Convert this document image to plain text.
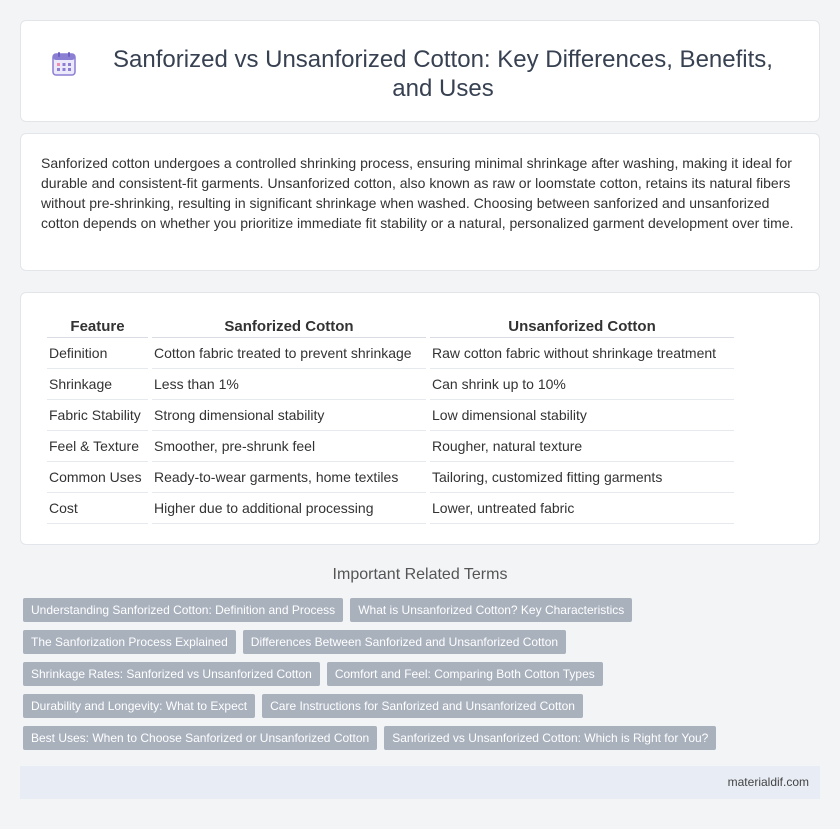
Sanforized vs Unsanforized Cotton: Key Differences, Benefits, and Uses

Sanforized cotton undergoes a controlled shrinking process, ensuring minimal shrinkage after washing, making it ideal for durable and consistent-fit garments. Unsanforized cotton, also known as raw or loomstate cotton, retains its natural fibers without pre-shrinking, resulting in significant shrinkage when washed. Choosing between sanforized and unsanforized cotton depends on whether you prioritize immediate fit stability or a natural, personalized garment development over time.

Feature	Sanforized Cotton	Unsanforized Cotton
Definition	Cotton fabric treated to prevent shrinkage	Raw cotton fabric without shrinkage treatment
Shrinkage	Less than 1%	Can shrink up to 10%
Fabric Stability	Strong dimensional stability	Low dimensional stability
Feel & Texture	Smoother, pre-shrunk feel	Rougher, natural texture
Common Uses	Ready-to-wear garments, home textiles	Tailoring, customized fitting garments
Cost	Higher due to additional processing	Lower, untreated fabric
Important Related Terms
Understanding Sanforized Cotton: Definition and Process	What is Unsanforized Cotton? Key Characteristics
The Sanforization Process Explained	Differences Between Sanforized and Unsanforized Cotton
Shrinkage Rates: Sanforized vs Unsanforized Cotton	Comfort and Feel: Comparing Both Cotton Types
Durability and Longevity: What to Expect	Care Instructions for Sanforized and Unsanforized Cotton
Best Uses: When to Choose Sanforized or Unsanforized Cotton	Sanforized vs Unsanforized Cotton: Which is Right for You?
materialdif.com
